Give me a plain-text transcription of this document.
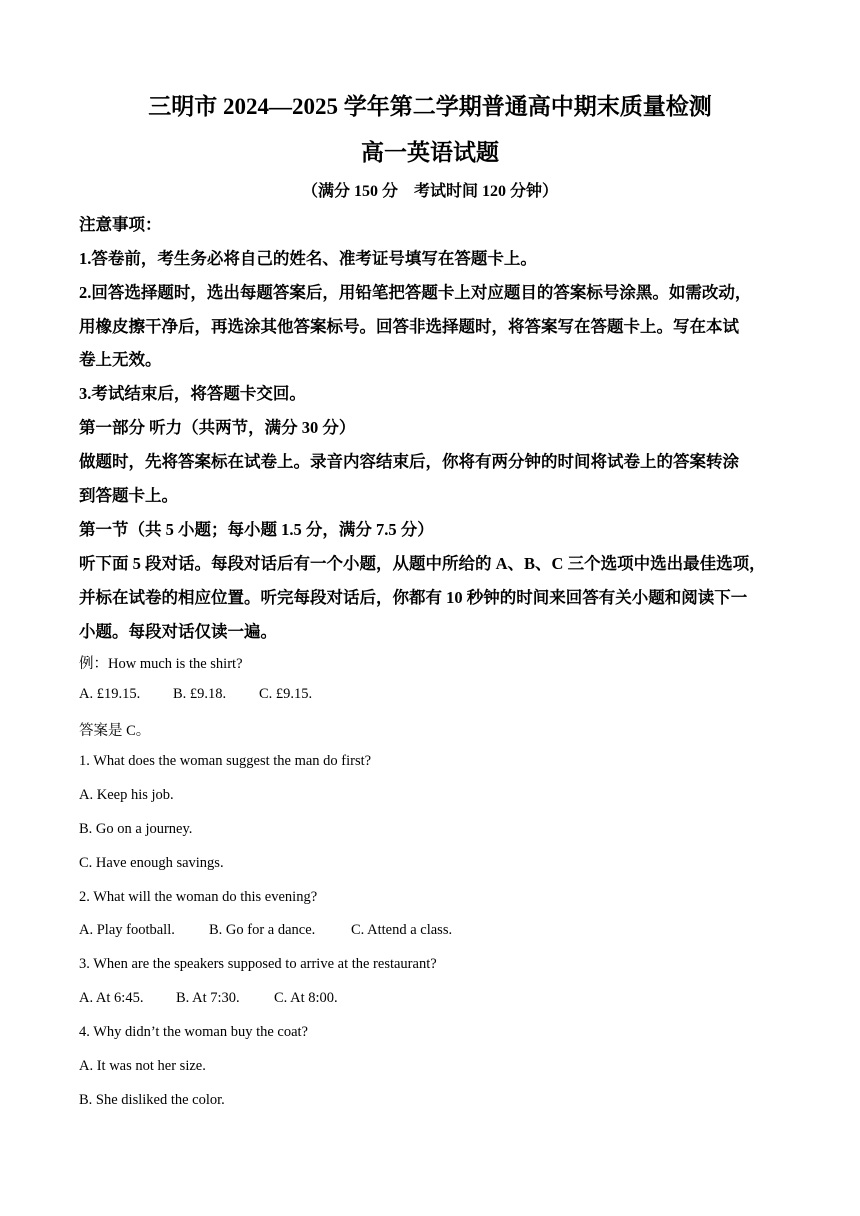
三明市 2024—2025 学年第二学期普通高中期末质量检测
高一英语试题
（满分 150 分　考试时间 120 分钟）
注意事项：
1.答卷前，考生务必将自己的姓名、准考证号填写在答题卡上。
2.回答选择题时，选出每题答案后，用铅笔把答题卡上对应题目的答案标号涂黑。如需改动，
用橡皮擦干净后，再选涂其他答案标号。回答非选择题时，将答案写在答题卡上。写在本试
卷上无效。
3.考试结束后，将答题卡交回。
第一部分 听力（共两节，满分 30 分）
做题时，先将答案标在试卷上。录音内容结束后，你将有两分钟的时间将试卷上的答案转涂
到答题卡上。
第一节（共 5 小题；每小题 1.5 分，满分 7.5 分）
听下面 5 段对话。每段对话后有一个小题，从题中所给的 A、B、C 三个选项中选出最佳选项，
并标在试卷的相应位置。听完每段对话后，你都有 10 秒钟的时间来回答有关小题和阅读下一
小题。每段对话仅读一遍。
例：How much is the shirt?
A. £19.15. B. £9.18. C. £9.15.
答案是 C。
1. What does the woman suggest the man do first?
A. Keep his job.
B. Go on a journey.
C. Have enough savings.
2. What will the woman do this evening?
A. Play football. B. Go for a dance. C. Attend a class.
3. When are the speakers supposed to arrive at the restaurant?
A. At 6:45. B. At 7:30. C. At 8:00.
4. Why didn’t the woman buy the coat?
A. It was not her size.
B. She disliked the color.
